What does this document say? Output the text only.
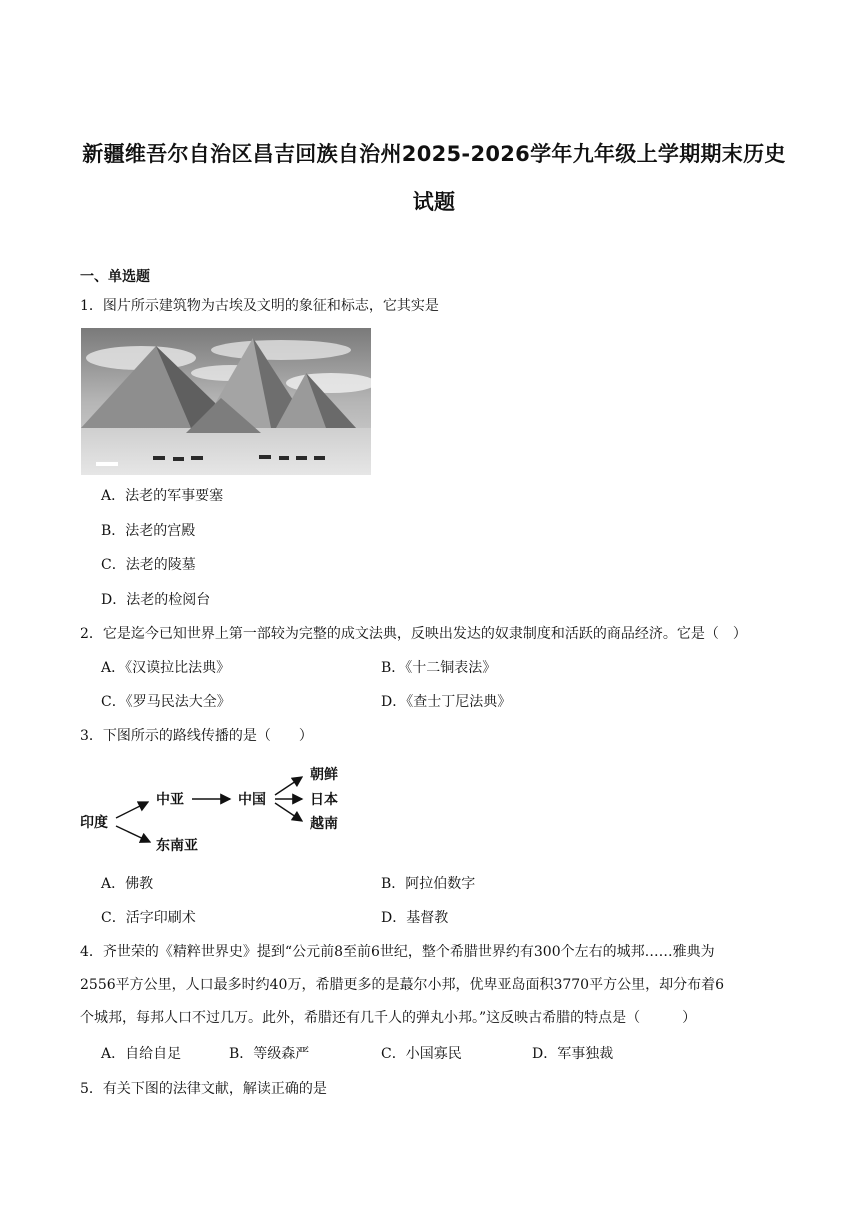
新疆维吾尔自治区昌吉回族自治州2025-2026学年九年级上学期期末历史
试题
一、单选题
1．图片所示建筑物为古埃及文明的象征和标志，它其实是
A．法老的军事要塞
B．法老的宫殿
C．法老的陵墓
D．法老的检阅台
2．它是迄今已知世界上第一部较为完整的成文法典，反映出发达的奴隶制度和活跃的商品经济。它是（　）
A．《汉谟拉比法典》	B．《十二铜表法》
C．《罗马民法大全》	D．《查士丁尼法典》
3．下图所示的路线传播的是（　　）
印度
中亚	中国
东南亚
朝鲜
日本
越南
A．佛教	B．阿拉伯数字
C．活字印刷术	D．基督教
4．齐世荣的《精粹世界史》提到“公元前8至前6世纪，整个希腊世界约有300个左右的城邦……雅典为
2556平方公里，人口最多时约40万，希腊更多的是蕞尔小邦，优卑亚岛面积3770平方公里，却分布着6
个城邦，每邦人口不过几万。此外，希腊还有几千人的弹丸小邦。”这反映古希腊的特点是（　　　）
A．自给自足	B．等级森严	C．小国寡民	D．军事独裁
5．有关下图的法律文献，解读正确的是
